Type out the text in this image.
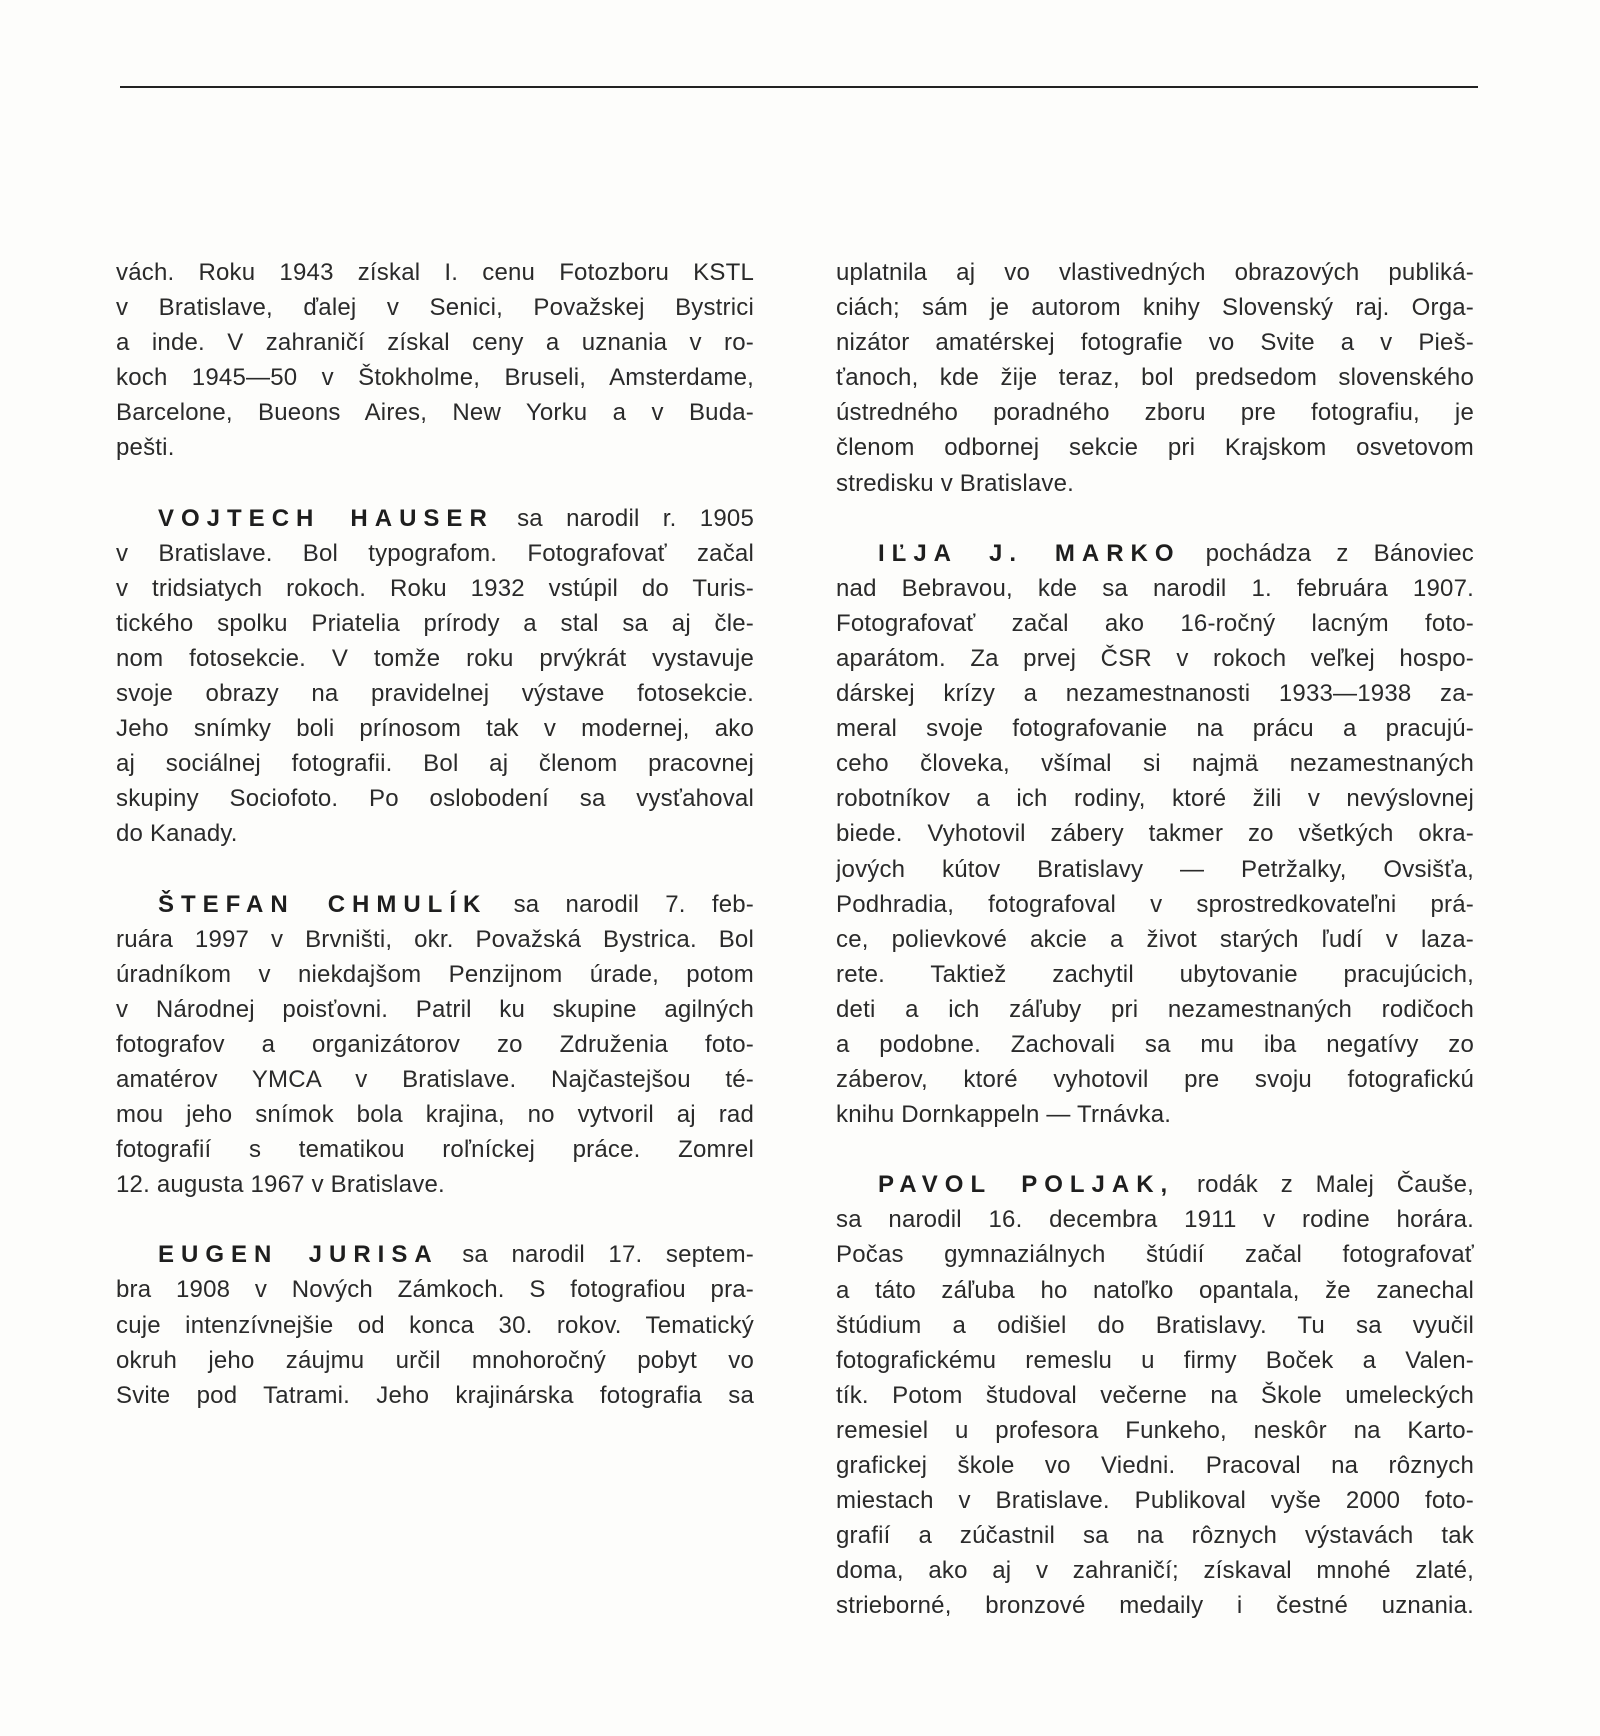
vách. Roku 1943 získal I. cenu Fotozboru KSTL
v Bratislave, ďalej v Senici, Považskej Bystrici
a inde. V zahraničí získal ceny a uznania v ro-
koch 1945—50 v Štokholme, Bruseli, Amsterdame,
Barcelone, Bueons Aires, New Yorku a v Buda-
pešti.
VOJTECH HAUSER sa narodil r. 1905
v Bratislave. Bol typografom. Fotografovať začal
v tridsiatych rokoch. Roku 1932 vstúpil do Turis-
tického spolku Priatelia prírody a stal sa aj čle-
nom fotosekcie. V tomže roku prvýkrát vystavuje
svoje obrazy na pravidelnej výstave fotosekcie.
Jeho snímky boli prínosom tak v modernej, ako
aj sociálnej fotografii. Bol aj členom pracovnej
skupiny Sociofoto. Po oslobodení sa vysťahoval
do Kanady.
ŠTEFAN CHMULÍK sa narodil 7. feb-
ruára 1997 v Brvništi, okr. Považská Bystrica. Bol
úradníkom v niekdajšom Penzijnom úrade, potom
v Národnej poisťovni. Patril ku skupine agilných
fotografov a organizátorov zo Združenia foto-
amatérov YMCA v Bratislave. Najčastejšou té-
mou jeho snímok bola krajina, no vytvoril aj rad
fotografií s tematikou roľníckej práce. Zomrel
12. augusta 1967 v Bratislave.
EUGEN JURISA sa narodil 17. septem-
bra 1908 v Nových Zámkoch. S fotografiou pra-
cuje intenzívnejšie od konca 30. rokov. Tematický
okruh jeho záujmu určil mnohoročný pobyt vo
Svite pod Tatrami. Jeho krajinárska fotografia sa
uplatnila aj vo vlastivedných obrazových publiká-
ciách; sám je autorom knihy Slovenský raj. Orga-
nizátor amatérskej fotografie vo Svite a v Pieš-
ťanoch, kde žije teraz, bol predsedom slovenského
ústredného poradného zboru pre fotografiu, je
členom odbornej sekcie pri Krajskom osvetovom
stredisku v Bratislave.
IĽJA J. MARKO pochádza z Bánoviec
nad Bebravou, kde sa narodil 1. februára 1907.
Fotografovať začal ako 16-ročný lacným foto-
aparátom. Za prvej ČSR v rokoch veľkej hospo-
dárskej krízy a nezamestnanosti 1933—1938 za-
meral svoje fotografovanie na prácu a pracujú-
ceho človeka, všímal si najmä nezamestnaných
robotníkov a ich rodiny, ktoré žili v nevýslovnej
biede. Vyhotovil zábery takmer zo všetkých okra-
jových kútov Bratislavy — Petržalky, Ovsišťa,
Podhradia, fotografoval v sprostredkovateľni prá-
ce, polievkové akcie a život starých ľudí v laza-
rete. Taktiež zachytil ubytovanie pracujúcich,
deti a ich záľuby pri nezamestnaných rodičoch
a podobne. Zachovali sa mu iba negatívy zo
záberov, ktoré vyhotovil pre svoju fotografickú
knihu Dornkappeln — Trnávka.
PAVOL POLJAK, rodák z Malej Čauše,
sa narodil 16. decembra 1911 v rodine horára.
Počas gymnaziálnych štúdií začal fotografovať
a táto záľuba ho natoľko opantala, že zanechal
štúdium a odišiel do Bratislavy. Tu sa vyučil
fotografickému remeslu u firmy Boček a Valen-
tík. Potom študoval večerne na Škole umeleckých
remesiel u profesora Funkeho, neskôr na Karto-
grafickej škole vo Viedni. Pracoval na rôznych
miestach v Bratislave. Publikoval vyše 2000 foto-
grafií a zúčastnil sa na rôznych výstavách tak
doma, ako aj v zahraničí; získaval mnohé zlaté,
strieborné, bronzové medaily i čestné uznania.
